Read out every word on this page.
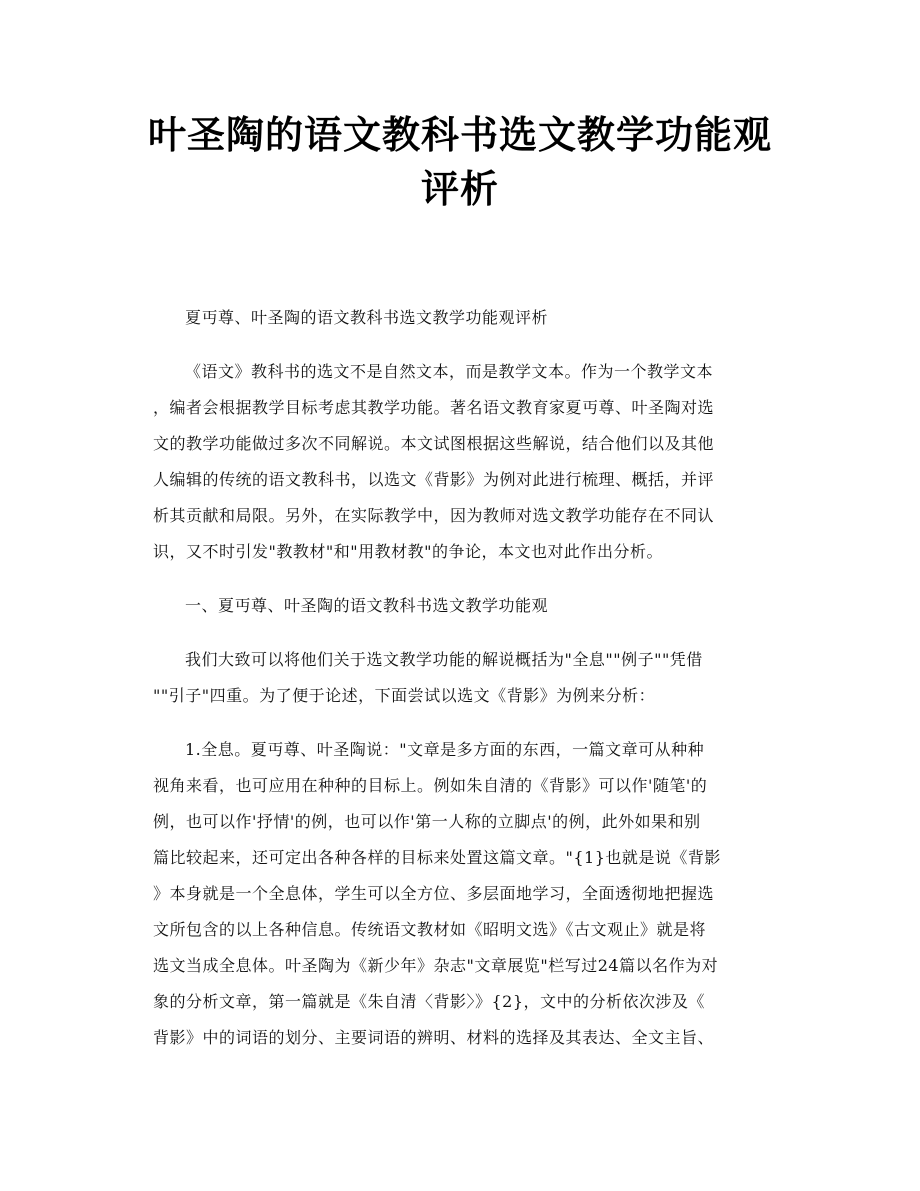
叶圣陶的语文教科书选文教学功能观评析

夏丏尊、叶圣陶的语文教科书选文教学功能观评析

《语文》教科书的选文不是自然文本，而是教学文本。作为一个教学文本
，编者会根据教学目标考虑其教学功能。著名语文教育家夏丏尊、叶圣陶对选
文的教学功能做过多次不同解说。本文试图根据这些解说，结合他们以及其他
人编辑的传统的语文教科书，以选文《背影》为例对此进行梳理、概括，并评
析其贡献和局限。另外，在实际教学中，因为教师对选文教学功能存在不同认
识，又不时引发"教教材"和"用教材教"的争论，本文也对此作出分析。

一、夏丏尊、叶圣陶的语文教科书选文教学功能观

我们大致可以将他们关于选文教学功能的解说概括为"全息""例子""凭借
""引子"四重。为了便于论述，下面尝试以选文《背影》为例来分析：

1.全息。夏丏尊、叶圣陶说："文章是多方面的东西，一篇文章可从种种
视角来看，也可应用在种种的目标上。例如朱自清的《背影》可以作'随笔'的
例，也可以作'抒情'的例，也可以作'第一人称的立脚点'的例，此外如果和别
篇比较起来，还可定出各种各样的目标来处置这篇文章。"{1}也就是说《背影
》本身就是一个全息体，学生可以全方位、多层面地学习，全面透彻地把握选
文所包含的以上各种信息。传统语文教材如《昭明文选》《古文观止》就是将
选文当成全息体。叶圣陶为《新少年》杂志"文章展览"栏写过24篇以名作为对
象的分析文章，第一篇就是《朱自清〈背影〉》{2}，文中的分析依次涉及《
背影》中的词语的划分、主要词语的辨明、材料的选择及其表达、全文主旨、
